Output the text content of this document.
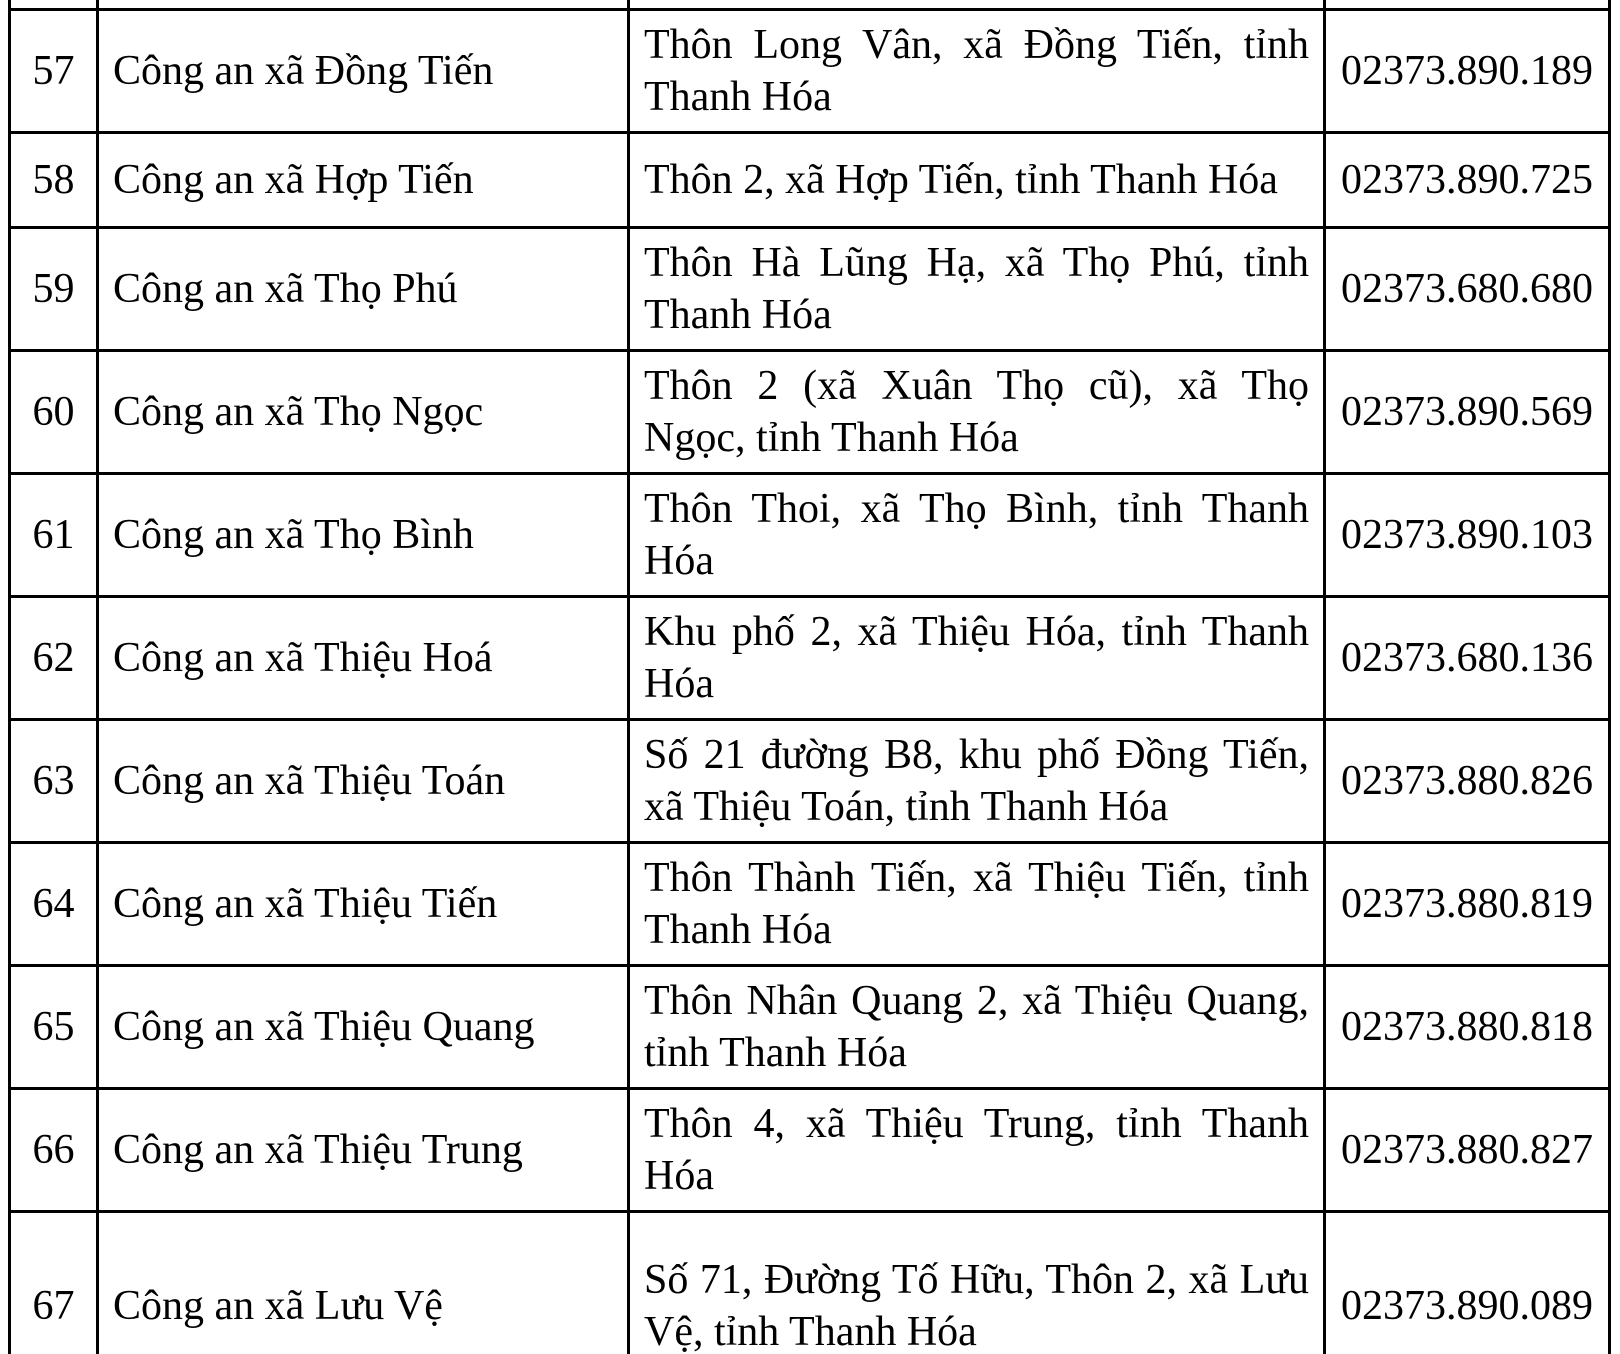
57	Công an xã Đồng Tiến	Thôn Long Vân, xã Đồng Tiến, tỉnh Thanh Hóa	02373.890.189
58	Công an xã Hợp Tiến	Thôn 2, xã Hợp Tiến, tỉnh Thanh Hóa	02373.890.725
59	Công an xã Thọ Phú	Thôn Hà Lũng Hạ, xã Thọ Phú, tỉnh Thanh Hóa	02373.680.680
60	Công an xã Thọ Ngọc	Thôn 2 (xã Xuân Thọ cũ), xã Thọ Ngọc, tỉnh Thanh Hóa	02373.890.569
61	Công an xã Thọ Bình	Thôn Thoi, xã Thọ Bình, tỉnh Thanh Hóa	02373.890.103
62	Công an xã Thiệu Hoá	Khu phố 2, xã Thiệu Hóa, tỉnh Thanh Hóa	02373.680.136
63	Công an xã Thiệu Toán	Số 21 đường B8, khu phố Đồng Tiến, xã Thiệu Toán, tỉnh Thanh Hóa	02373.880.826
64	Công an xã Thiệu Tiến	Thôn Thành Tiến, xã Thiệu Tiến, tỉnh Thanh Hóa	02373.880.819
65	Công an xã Thiệu Quang	Thôn Nhân Quang 2, xã Thiệu Quang, tỉnh Thanh Hóa	02373.880.818
66	Công an xã Thiệu Trung	Thôn 4, xã Thiệu Trung, tỉnh Thanh Hóa	02373.880.827
67	Công an xã Lưu Vệ	Số 71, Đường Tố Hữu, Thôn 2, xã Lưu Vệ, tỉnh Thanh Hóa	02373.890.089
